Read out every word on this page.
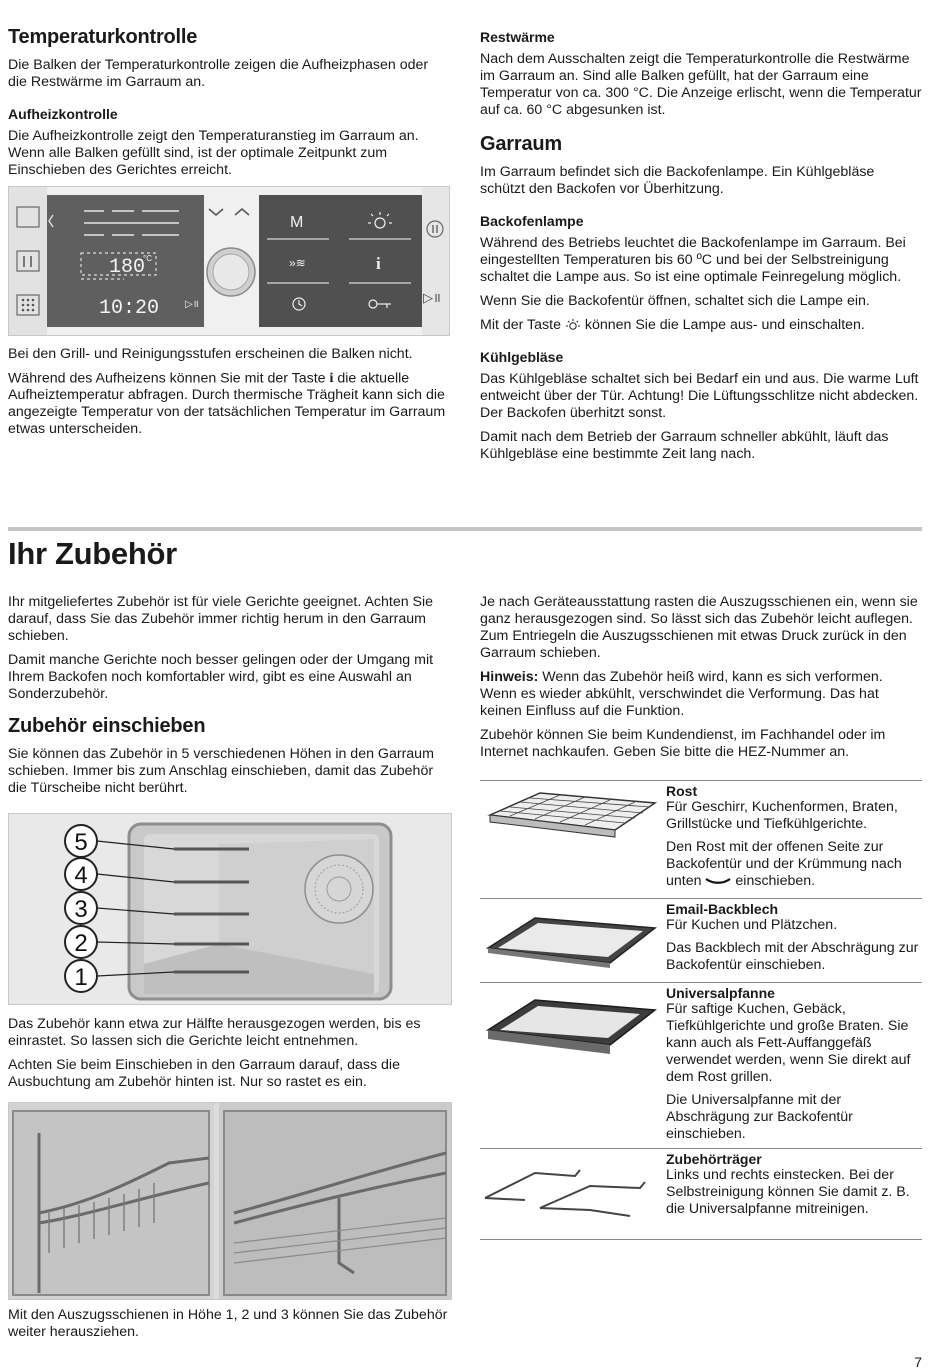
Temperaturkontrolle

Die Balken der Temperaturkontrolle zeigen die Aufheizphasen oder die Restwärme im Garraum an.

Aufheizkontrolle

Die Aufheizkontrolle zeigt den Temperaturanstieg im Garraum an. Wenn alle Balken gefüllt sind, ist der optimale Zeitpunkt zum Einschieben des Gerichtes erreicht.

180
°C
10:20	▷॥
M
»≋	i
▷॥

Bei den Grill- und Reinigungsstufen erscheinen die Balken nicht.

Während des Aufheizens können Sie mit der Taste i die aktuelle Aufheiztemperatur abfragen. Durch thermische Trägheit kann sich die angezeigte Temperatur von der tatsächlichen Temperatur im Garraum etwas unterscheiden.

Restwärme

Nach dem Ausschalten zeigt die Temperaturkontrolle die Restwärme im Garraum an. Sind alle Balken gefüllt, hat der Garraum eine Temperatur von ca. 300 °C. Die Anzeige erlischt, wenn die Temperatur auf ca. 60 °C abgesunken ist.

Garraum

Im Garraum befindet sich die Backofenlampe. Ein Kühlgebläse schützt den Backofen vor Überhitzung.

Backofenlampe

Während des Betriebs leuchtet die Backofenlampe im Garraum. Bei eingestellten Temperaturen bis 60 ºC und bei der Selbstreinigung schaltet die Lampe aus. So ist eine optimale Feinregelung möglich.

Wenn Sie die Backofentür öffnen, schaltet sich die Lampe ein.

Mit der Taste können Sie die Lampe aus- und einschalten.

Kühlgebläse

Das Kühlgebläse schaltet sich bei Bedarf ein und aus. Die warme Luft entweicht über der Tür. Achtung! Die Lüftungsschlitze nicht abdecken. Der Backofen überhitzt sonst.

Damit nach dem Betrieb der Garraum schneller abkühlt, läuft das Kühlgebläse eine bestimmte Zeit lang nach.

Ihr Zubehör

Ihr mitgeliefertes Zubehör ist für viele Gerichte geeignet. Achten Sie darauf, dass Sie das Zubehör immer richtig herum in den Garraum schieben.

Damit manche Gerichte noch besser gelingen oder der Umgang mit Ihrem Backofen noch komfortabler wird, gibt es eine Auswahl an Sonderzubehör.

Zubehör einschieben

Sie können das Zubehör in 5 verschiedenen Höhen in den Garraum schieben. Immer bis zum Anschlag einschieben, damit das Zubehör die Türscheibe nicht berührt.

5
4
3
2
1

Das Zubehör kann etwa zur Hälfte herausgezogen werden, bis es einrastet. So lassen sich die Gerichte leicht entnehmen.

Achten Sie beim Einschieben in den Garraum darauf, dass die Ausbuchtung am Zubehör hinten ist. Nur so rastet es ein.

Mit den Auszugsschienen in Höhe 1, 2 und 3 können Sie das Zubehör weiter herausziehen.

Je nach Geräteausstattung rasten die Auszugsschienen ein, wenn sie ganz herausgezogen sind. So lässt sich das Zubehör leicht auflegen. Zum Entriegeln die Auszugsschienen mit etwas Druck zurück in den Garraum schieben.

Hinweis: Wenn das Zubehör heiß wird, kann es sich verformen. Wenn es wieder abkühlt, verschwindet die Verformung. Das hat keinen Einfluss auf die Funktion.

Zubehör können Sie beim Kundendienst, im Fachhandel oder im Internet nachkaufen. Geben Sie bitte die HEZ-Nummer an.

Rost

Für Geschirr, Kuchenformen, Braten, Grillstücke und Tiefkühlgerichte.

Den Rost mit der offenen Seite zur Backofentür und der Krümmung nach unten einschieben.

Email-Backblech

Für Kuchen und Plätzchen.

Das Backblech mit der Abschrägung zur Backofentür einschieben.

Universalpfanne

Für saftige Kuchen, Gebäck, Tiefkühlgerichte und große Braten. Sie kann auch als Fett-Auffanggefäß verwendet werden, wenn Sie direkt auf dem Rost grillen.

Die Universalpfanne mit der Abschrägung zur Backofentür einschieben.

Zubehörträger

Links und rechts einstecken. Bei der Selbstreinigung können Sie damit z. B. die Universalpfanne mitreinigen.

7
